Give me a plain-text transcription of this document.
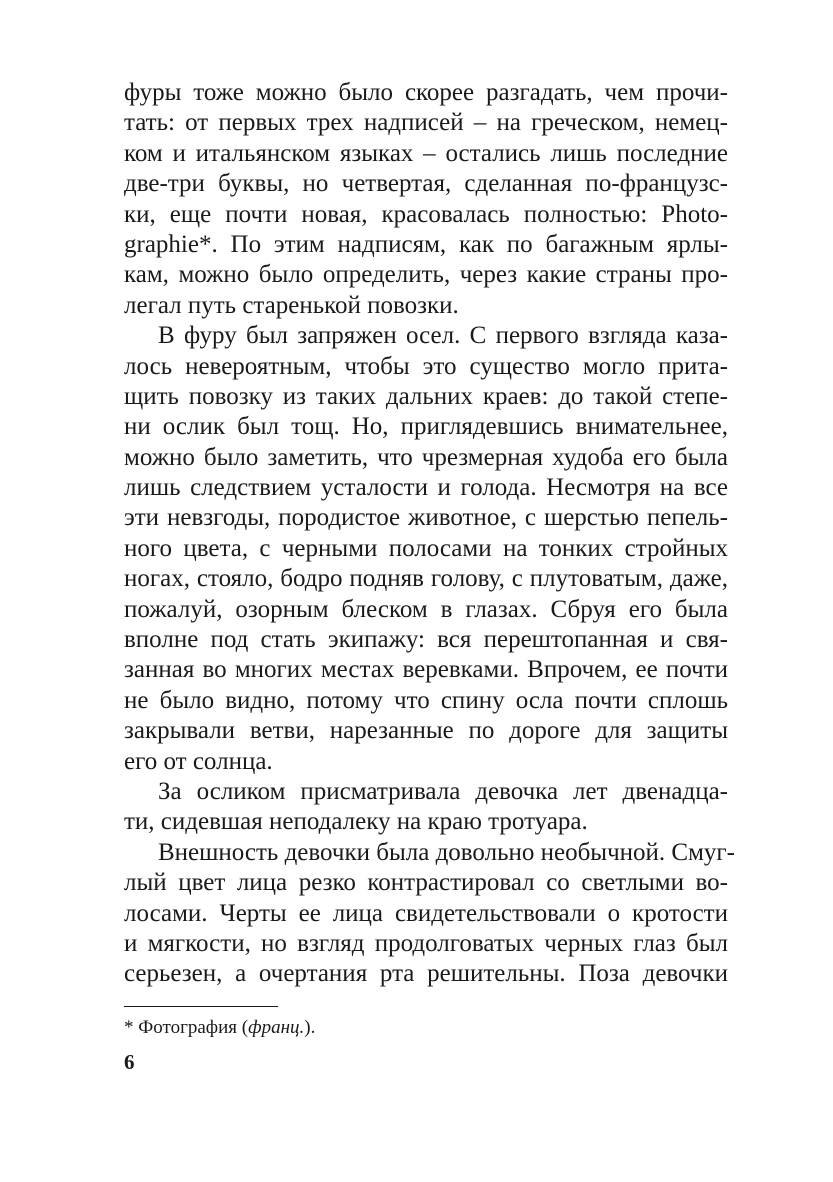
фуры тоже можно было скорее разгадать, чем прочи-
тать: от первых трех надписей – на греческом, немец-
ком и итальянском языках – остались лишь последние
две-три буквы, но четвертая, сделанная по-французс-
ки, еще почти новая, красовалась полностью: Photo-
graphie*. По этим надписям, как по багажным ярлы-
кам, можно было определить, через какие страны про-
легал путь старенькой повозки.
В фуру был запряжен осел. С первого взгляда каза-
лось невероятным, чтобы это существо могло прита-
щить повозку из таких дальних краев: до такой степе-
ни ослик был тощ. Но, приглядевшись внимательнее,
можно было заметить, что чрезмерная худоба его была
лишь следствием усталости и голода. Несмотря на все
эти невзгоды, породистое животное, с шерстью пепель-
ного цвета, с черными полосами на тонких стройных
ногах, стояло, бодро подняв голову, с плутоватым, даже,
пожалуй, озорным блеском в глазах. Сбруя его была
вполне под стать экипажу: вся перештопанная и свя-
занная во многих местах веревками. Впрочем, ее почти
не было видно, потому что спину осла почти сплошь
закрывали ветви, нарезанные по дороге для защиты
его от солнца.
За осликом присматривала девочка лет двенадца-
ти, сидевшая неподалеку на краю тротуара.
Внешность девочки была довольно необычной. Смуг-
лый цвет лица резко контрастировал со светлыми во-
лосами. Черты ее лица свидетельствовали о кротости
и мягкости, но взгляд продолговатых черных глаз был
серьезен, а очертания рта решительны. Поза девочки
* Фотография (франц.).
6
